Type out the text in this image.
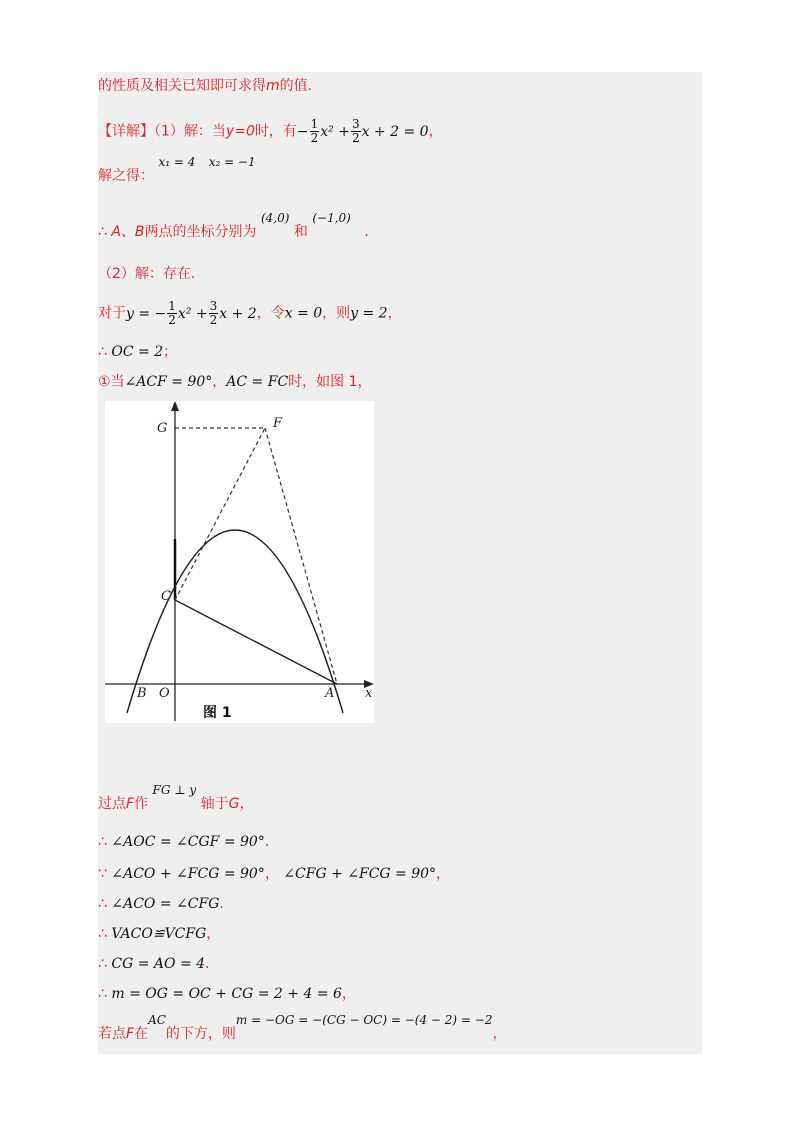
的性质及相关已知即可求得m的值.
【详解】（1）解：当y=0时，有− $\frac{1}{2} x^2 + \frac{3}{2}$ x + 2 = 0，
解之得： x₁ = 4 x₂ = −1
∴ A、B两点的坐标分别为 (4,0) 和 (−1,0)   .
（2）解：存在.
对于y = − $\frac{1}{2} x^2 + \frac{3}{2}$ x + 2，令x = 0，则y = 2，
∴ OC = 2；
①当∠ACF = 90°，AC = FC时，如图 1，
G	F
C
B O	A x
图 1
过点F作 FG ⊥ y 轴于G，
∴ ∠AOC = ∠CGF = 90°.
∵ ∠ACO + ∠FCG = 90°， ∠CFG + ∠FCG = 90°，
∴ ∠ACO = ∠CFG.
∴ VACO≌VCFG，
∴ CG = AO = 4.
∴ m = OG = OC + CG = 2 + 4 = 6，
若点F在AC的下方，则m = −OG = −(CG − OC) = −(4 − 2) = −2，
